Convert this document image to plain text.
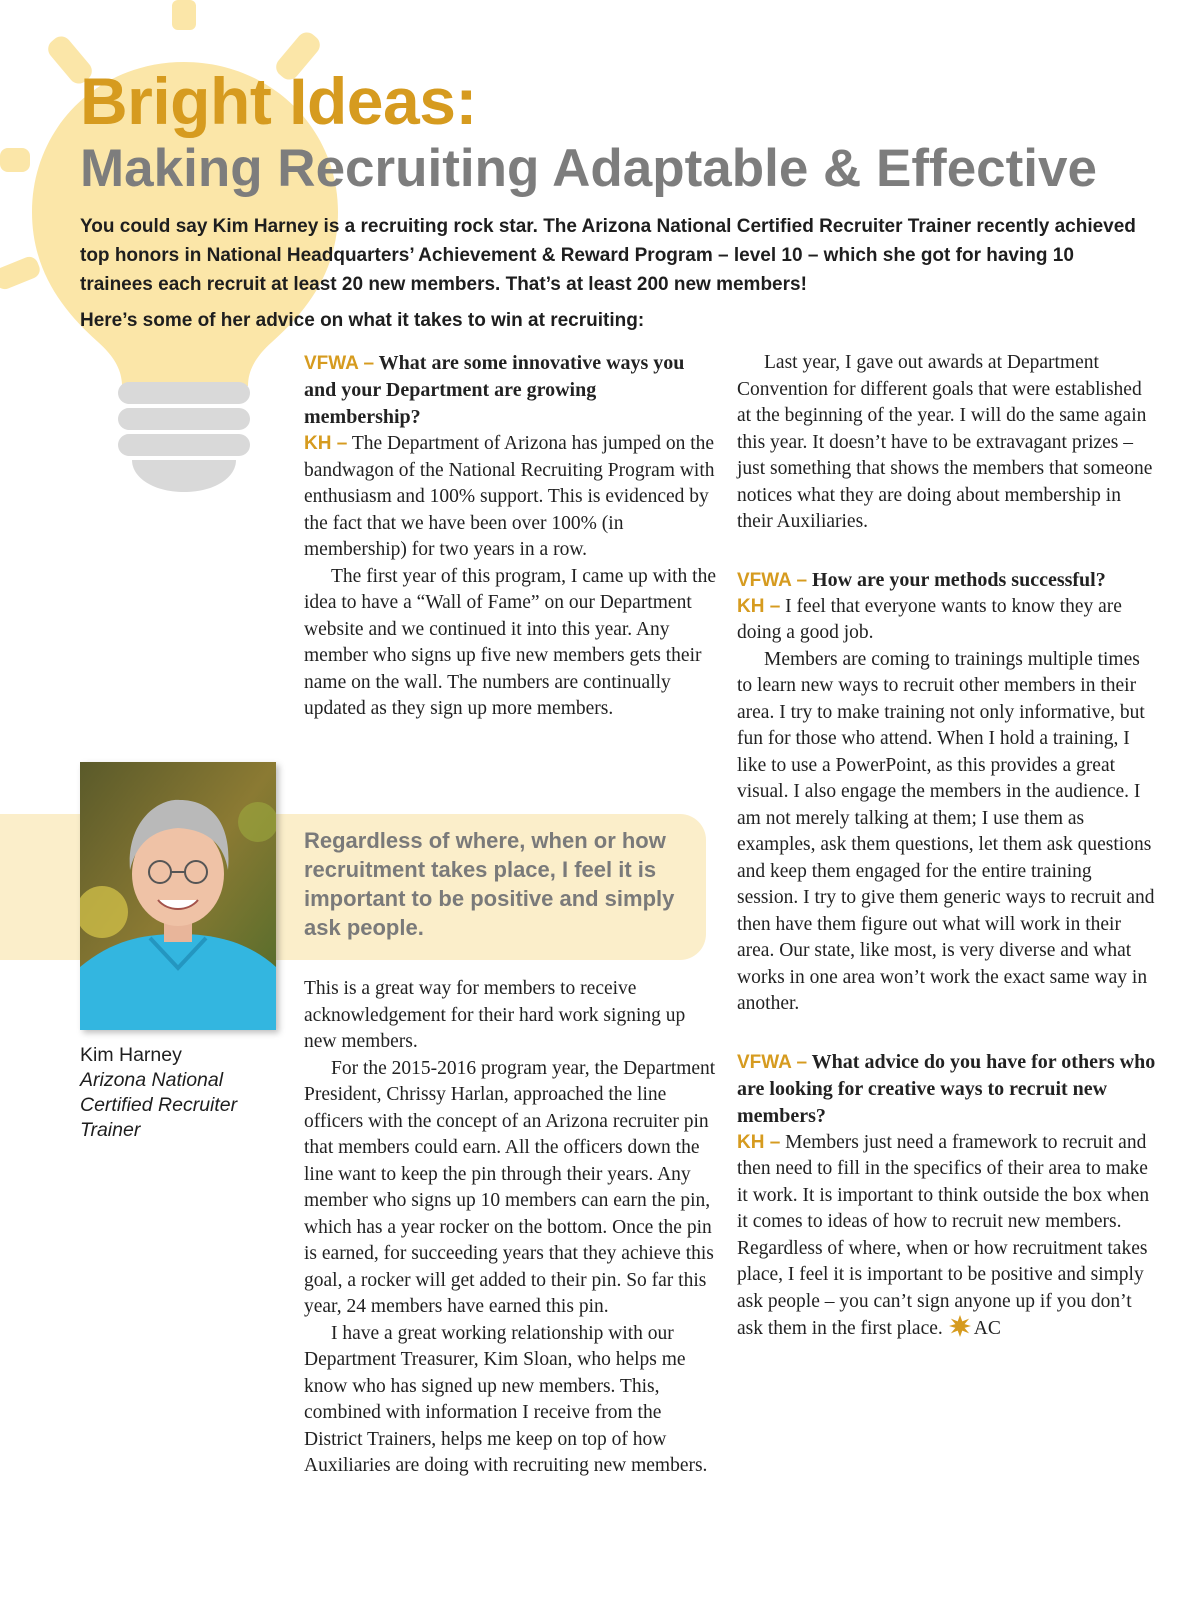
Bright Ideas:
Making Recruiting Adaptable & Effective

You could say Kim Harney is a recruiting rock star. The Arizona National Certified Recruiter Trainer recently achieved top honors in National Headquarters’ Achievement & Reward Program – level 10 – which she got for having 10 trainees each recruit at least 20 new members. That’s at least 200 new members!

Here’s some of her advice on what it takes to win at recruiting:

VFWA – What are some innovative ways you and your Department are growing membership?

KH – The Department of Arizona has jumped on the bandwagon of the National Recruiting Program with enthusiasm and 100% support. This is evidenced by the fact that we have been over 100% (in membership) for two years in a row.

The first year of this program, I came up with the idea to have a “Wall of Fame” on our Department website and we continued it into this year. Any member who signs up five new members gets their name on the wall. The numbers are continually updated as they sign up more members.

Regardless of where, when or how recruitment takes place, I feel it is important to be positive and simply ask people.

Kim Harney
Arizona National Certified Recruiter Trainer

This is a great way for members to receive acknowledgement for their hard work signing up new members.

For the 2015-2016 program year, the Department President, Chrissy Harlan, approached the line officers with the concept of an Arizona recruiter pin that members could earn. All the officers down the line want to keep the pin through their years. Any member who signs up 10 members can earn the pin, which has a year rocker on the bottom. Once the pin is earned, for succeeding years that they achieve this goal, a rocker will get added to their pin. So far this year, 24 members have earned this pin.

I have a great working relationship with our Department Treasurer, Kim Sloan, who helps me know who has signed up new members. This, combined with information I receive from the District Trainers, helps me keep on top of how Auxiliaries are doing with recruiting new members.

Last year, I gave out awards at Department Convention for different goals that were established at the beginning of the year. I will do the same again this year. It doesn’t have to be extravagant prizes – just something that shows the members that someone notices what they are doing about membership in their Auxiliaries.

VFWA – How are your methods successful?

KH – I feel that everyone wants to know they are doing a good job.

Members are coming to trainings multiple times to learn new ways to recruit other members in their area. I try to make training not only informative, but fun for those who attend. When I hold a training, I like to use a PowerPoint, as this provides a great visual. I also engage the members in the audience. I am not merely talking at them; I use them as examples, ask them questions, let them ask questions and keep them engaged for the entire training session. I try to give them generic ways to recruit and then have them figure out what will work in their area. Our state, like most, is very diverse and what works in one area won’t work the exact same way in another.

VFWA – What advice do you have for others who are looking for creative ways to recruit new members?

KH – Members just need a framework to recruit and then need to fill in the specifics of their area to make it work. It is important to think outside the box when it comes to ideas of how to recruit new members. Regardless of where, when or how recruitment takes place, I feel it is important to be positive and simply ask people – you can’t sign anyone up if you don’t ask them in the first place. AC
